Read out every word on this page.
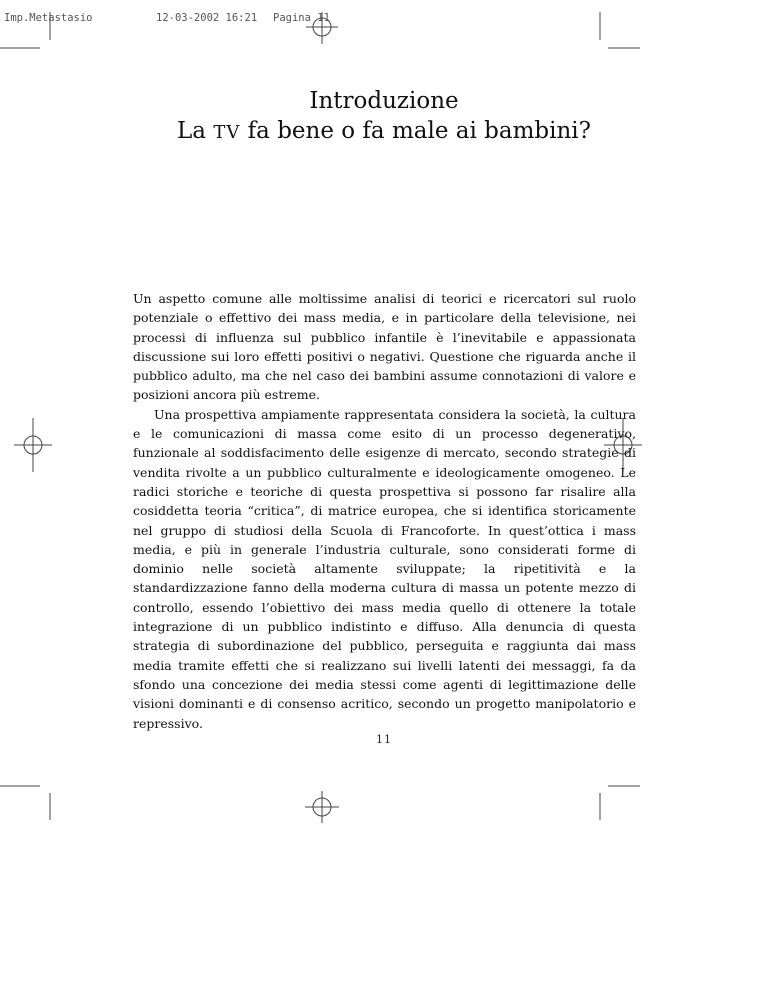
Imp.Metastasio	12-03-2002 16:21 Pagina 11
Introduzione
La TV fa bene o fa male ai bambini?

Un aspetto comune alle moltissime analisi di teorici e ricercatori sul ruolo potenziale o effettivo dei mass media, e in particolare della televisione, nei processi di influenza sul pubblico infantile è l’inevitabile e appassionata discussione sui loro effetti positivi o negativi. Questione che riguarda anche il pubblico adulto, ma che nel caso dei bambini assume connotazioni di valore e posizioni ancora più estreme.

Una prospettiva ampiamente rappresentata considera la società, la cultura e le comunicazioni di massa come esito di un processo degenerativo, funzionale al soddisfacimento delle esigenze di mercato, secondo strategie di vendita rivolte a un pubblico culturalmente e ideologicamente omogeneo. Le radici storiche e teoriche di questa prospettiva si possono far risalire alla cosiddetta teoria “critica”, di matrice europea, che si identifica storicamente nel gruppo di studiosi della Scuola di Francoforte. In quest’ottica i mass media, e più in generale l’industria culturale, sono considerati forme di dominio nelle società altamente sviluppate; la ripetitività e la standardizzazione fanno della moderna cultura di massa un potente mezzo di controllo, essendo l’obiettivo dei mass media quello di ottenere la totale integrazione di un pubblico indistinto e diffuso. Alla denuncia di questa strategia di subordinazione del pubblico, perseguita e raggiunta dai mass media tramite effetti che si realizzano sui livelli latenti dei messaggi, fa da sfondo una concezione dei media stessi come agenti di legittimazione delle visioni dominanti e di consenso acritico, secondo un progetto manipolatorio e repressivo.

11
